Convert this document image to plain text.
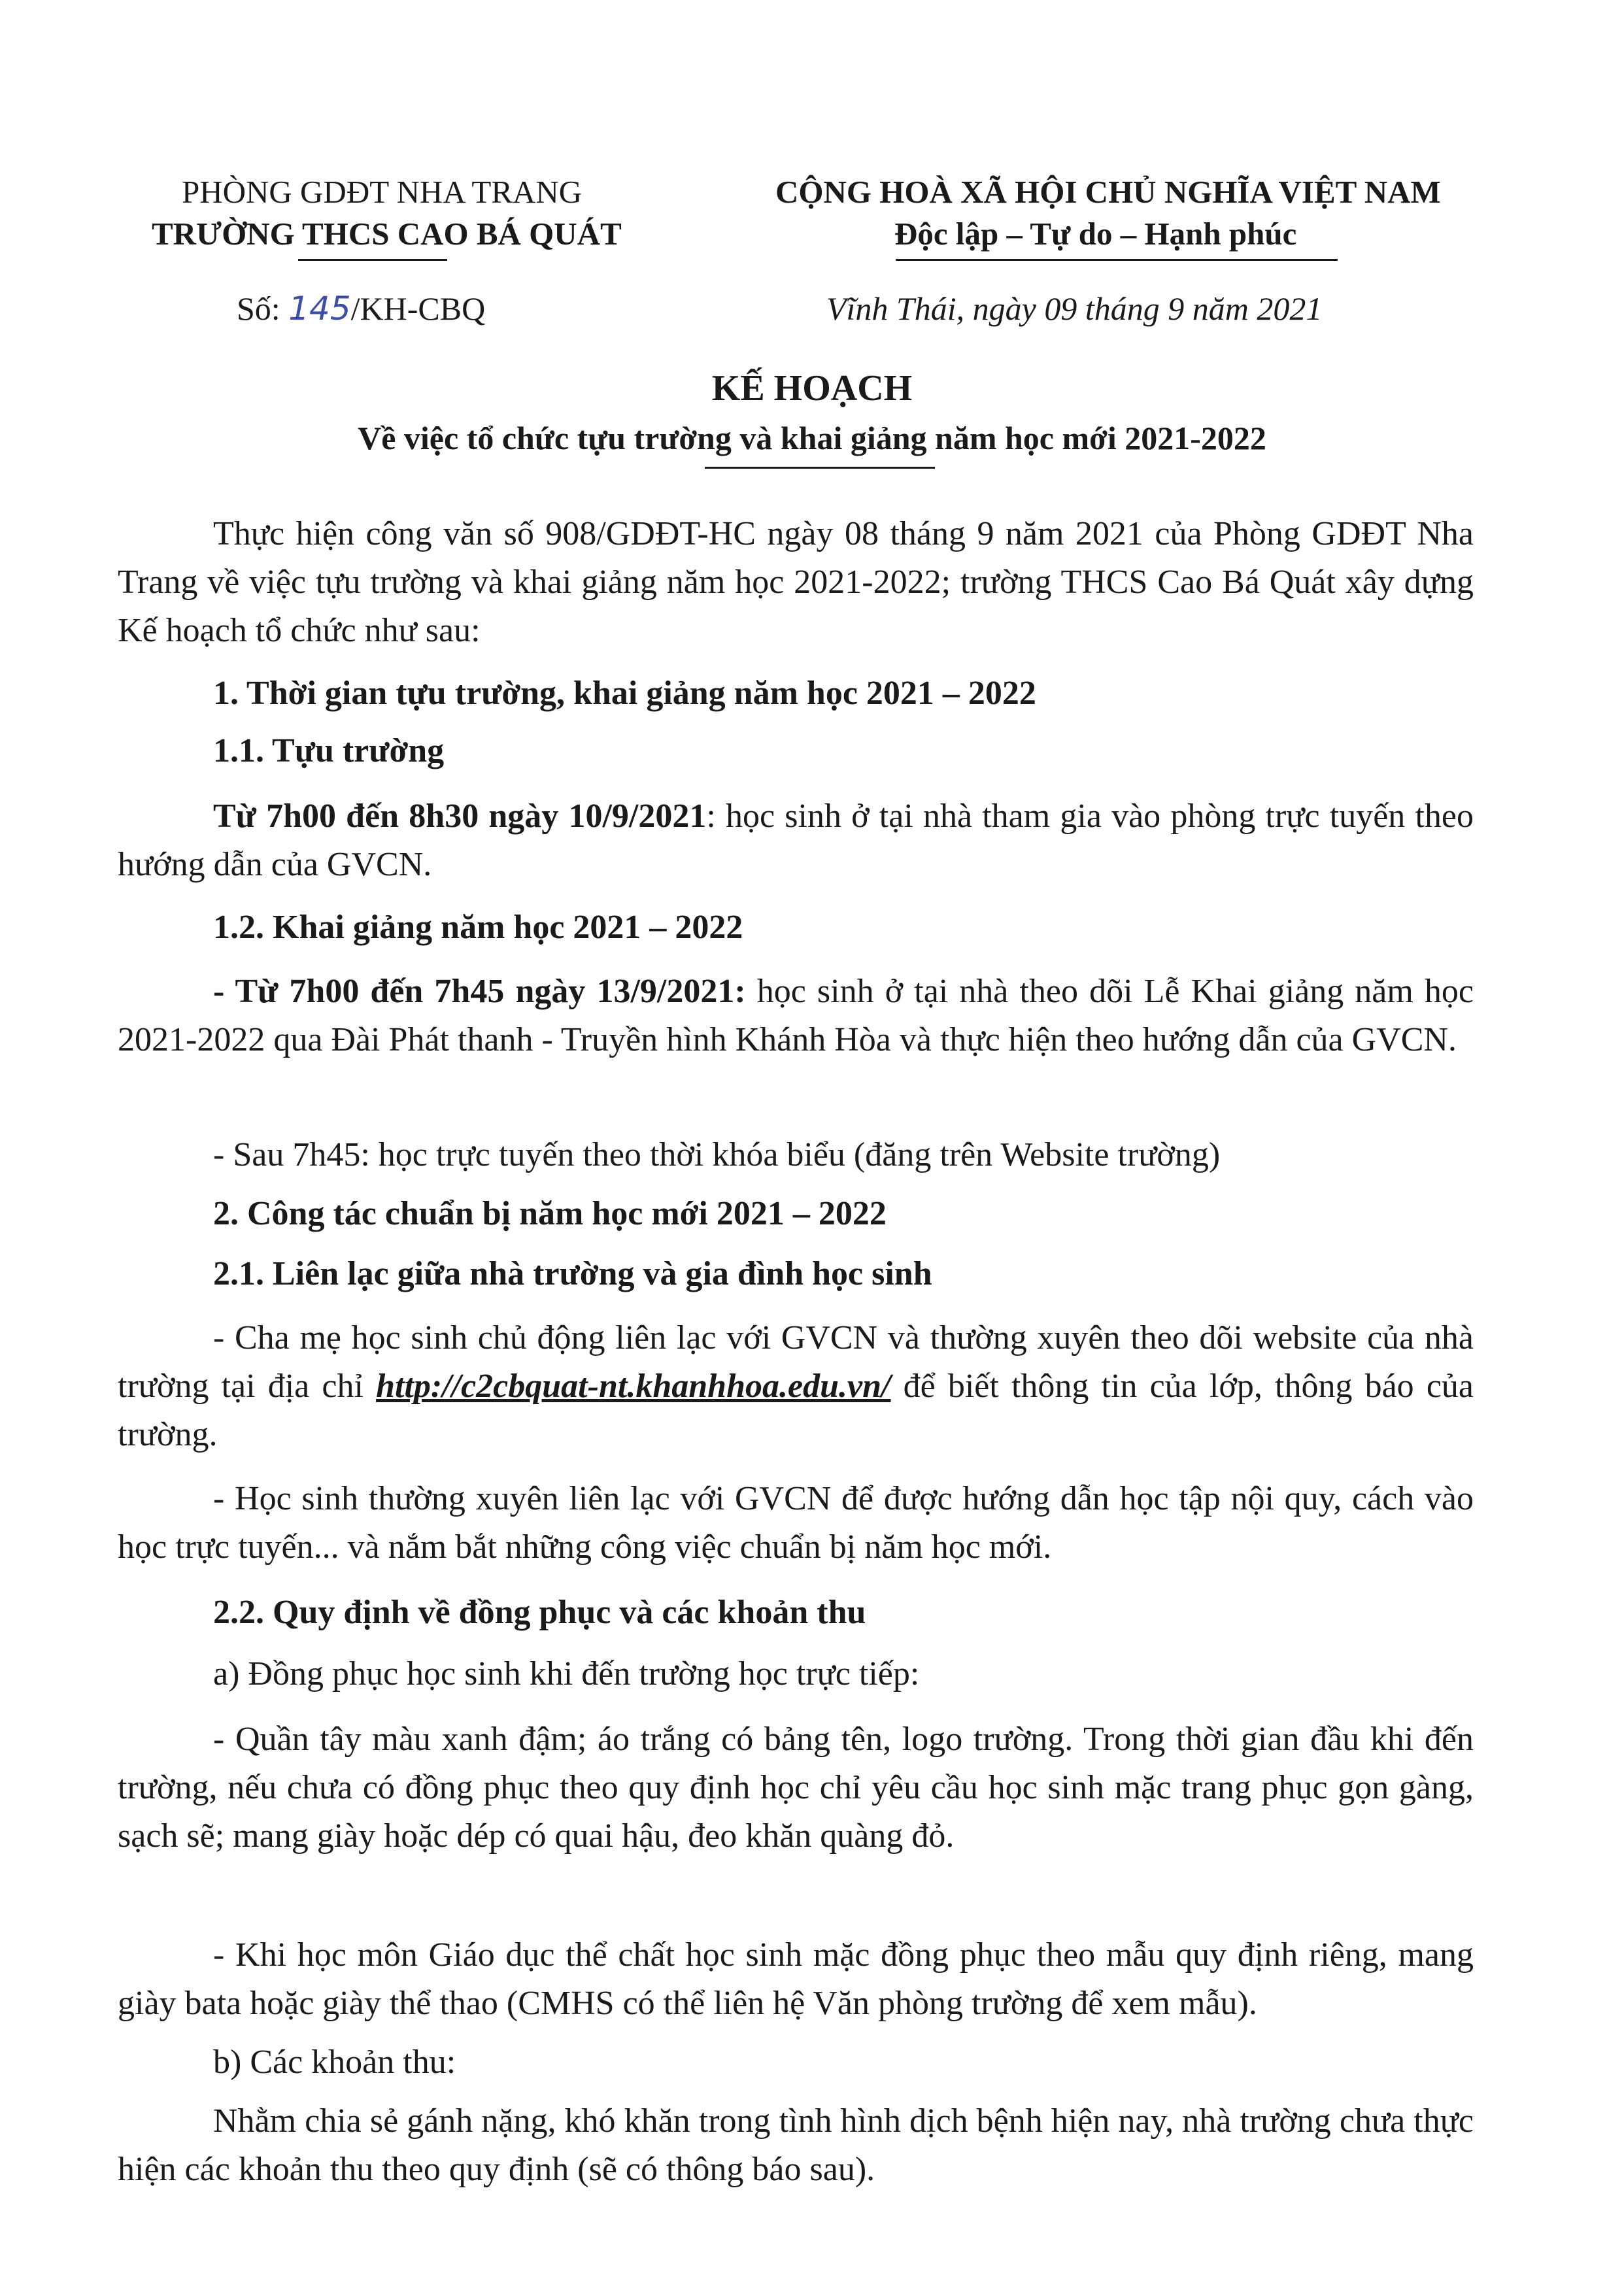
PHÒNG GDĐT NHA TRANG
TRƯỜNG THCS CAO BÁ QUÁT
CỘNG HOÀ XÃ HỘI CHỦ NGHĨA VIỆT NAM
Độc lập – Tự do – Hạnh phúc
Số: 145/KH-CBQ	Vĩnh Thái, ngày 09 tháng 9 năm 2021
KẾ HOẠCH
Về việc tổ chức tựu trường và khai giảng năm học mới 2021-2022
Thực hiện công văn số 908/GDĐT-HC ngày 08 tháng 9 năm 2021 của Phòng GDĐT Nha Trang về việc tựu trường và khai giảng năm học 2021-2022; trường THCS Cao Bá Quát xây dựng Kế hoạch tổ chức như sau:
1. Thời gian tựu trường, khai giảng năm học 2021 – 2022
1.1. Tựu trường
Từ 7h00 đến 8h30 ngày 10/9/2021: học sinh ở tại nhà tham gia vào phòng trực tuyến theo hướng dẫn của GVCN.
1.2. Khai giảng năm học 2021 – 2022
- Từ 7h00 đến 7h45 ngày 13/9/2021: học sinh ở tại nhà theo dõi Lễ Khai giảng năm học 2021-2022 qua Đài Phát thanh - Truyền hình Khánh Hòa và thực hiện theo hướng dẫn của GVCN.
- Sau 7h45: học trực tuyến theo thời khóa biểu (đăng trên Website trường)
2. Công tác chuẩn bị năm học mới 2021 – 2022
2.1. Liên lạc giữa nhà trường và gia đình học sinh
- Cha mẹ học sinh chủ động liên lạc với GVCN và thường xuyên theo dõi website của nhà trường tại địa chỉ http://c2cbquat-nt.khanhhoa.edu.vn/ để biết thông tin của lớp, thông báo của trường.
- Học sinh thường xuyên liên lạc với GVCN để được hướng dẫn học tập nội quy, cách vào học trực tuyến... và nắm bắt những công việc chuẩn bị năm học mới.
2.2. Quy định về đồng phục và các khoản thu
a) Đồng phục học sinh khi đến trường học trực tiếp:
- Quần tây màu xanh đậm; áo trắng có bảng tên, logo trường. Trong thời gian đầu khi đến trường, nếu chưa có đồng phục theo quy định học chỉ yêu cầu học sinh mặc trang phục gọn gàng, sạch sẽ; mang giày hoặc dép có quai hậu, đeo khăn quàng đỏ.
- Khi học môn Giáo dục thể chất học sinh mặc đồng phục theo mẫu quy định riêng, mang giày bata hoặc giày thể thao (CMHS có thể liên hệ Văn phòng trường để xem mẫu).
b) Các khoản thu:
Nhằm chia sẻ gánh nặng, khó khăn trong tình hình dịch bệnh hiện nay, nhà trường chưa thực hiện các khoản thu theo quy định (sẽ có thông báo sau).
